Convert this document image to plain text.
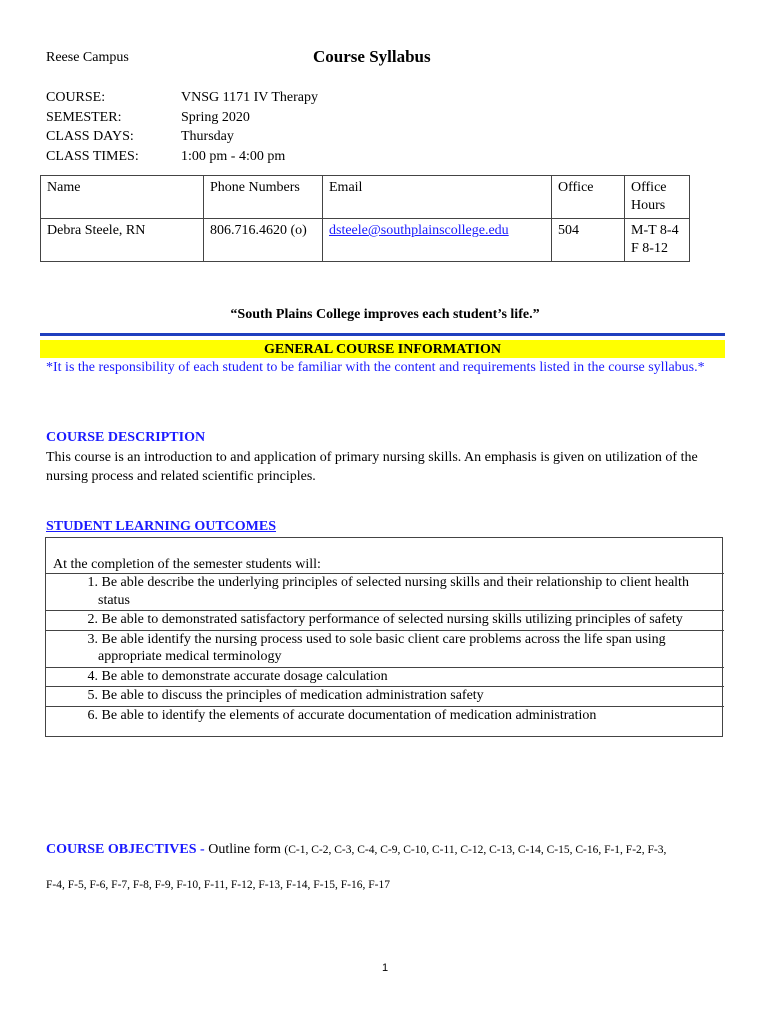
Reese Campus	Course Syllabus
COURSE:	VNSG 1171 IV Therapy
SEMESTER:	Spring 2020
CLASS DAYS:	Thursday
CLASS TIMES:	1:00 pm - 4:00 pm
Name	Phone Numbers	Email	Office	Office Hours
Debra Steele, RN	806.716.4620 (o)	dsteele@southplainscollege.edu	504	M-T 8-4
F 8-12
“South Plains College improves each student’s life.”
GENERAL COURSE INFORMATION
*It is the responsibility of each student to be familiar with the content and requirements listed in the course syllabus.*
COURSE DESCRIPTION
This course is an introduction to and application of primary nursing skills. An emphasis is given on utilization of the nursing process and related scientific principles.
STUDENT LEARNING OUTCOMES
At the completion of the semester students will:
1. Be able describe the underlying principles of selected nursing skills and their relationship to client health status
2. Be able to demonstrated satisfactory performance of selected nursing skills utilizing principles of safety
3. Be able identify the nursing process used to sole basic client care problems across the life span using appropriate medical terminology
4. Be able to demonstrate accurate dosage calculation
5. Be able to discuss the principles of medication administration safety
6. Be able to identify the elements of accurate documentation of medication administration
COURSE OBJECTIVES - Outline form (C-1, C-2, C-3, C-4, C-9, C-10, C-11, C-12, C-13, C-14, C-15, C-16, F-1, F-2, F-3,
F-4, F-5, F-6, F-7, F-8, F-9, F-10, F-11, F-12, F-13, F-14, F-15, F-16, F-17
1
